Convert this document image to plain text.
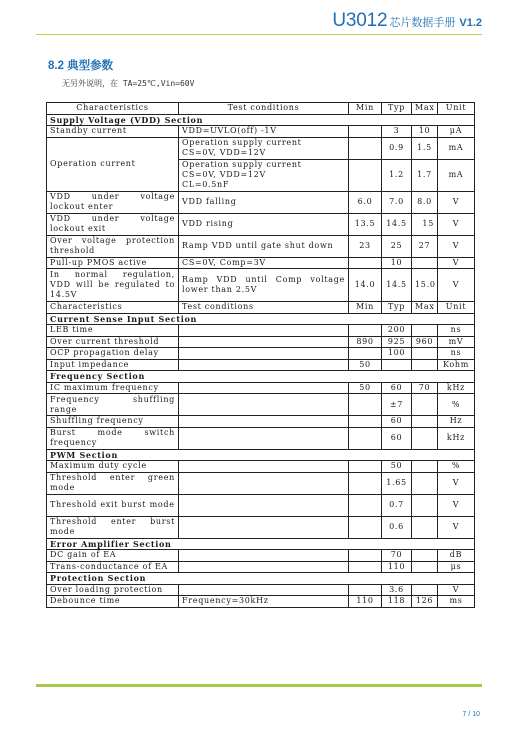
U3012 芯片数据手册 V1.2
8.2 典型参数
无另外说明，在 TA=25℃,Vin=60V
Characteristics	Test conditions	Min	Typ	Max	Unit
Supply Voltage (VDD) Section					
Standby current	VDD=UVLO(off) -1V		3	10	μA
Operation current	Operation supply current
CS=0V, VDD=12V		0.9	1.5	mA
	Operation supply current
CS=0V, VDD=12V
CL=0.5nF		1.2	1.7	mA
VDD under voltage lockout enter	VDD falling	6.0	7.0	8.0	V
VDD under voltage lockout exit	VDD rising	13.5	14.5	15	V
Over voltage protection threshold	Ramp VDD until gate shut down	23	25	27	V
Pull-up PMOS active	CS=0V, Comp=3V		10		V
In normal regulation, VDD will be regulated to 14.5V	Ramp VDD until Comp voltage lower than 2.5V	14.0	14.5	15.0	V
Characteristics	Test conditions	Min	Typ	Max	Unit
Current Sense Input Section					
LEB time			200		ns
Over current threshold		890	925	960	mV
OCP propagation delay			100		ns
Input impedance		50			Kohm
Frequency Section					
IC maximum frequency		50	60	70	kHz
Frequency shuffling range			±7		%
Shuffling frequency			60		Hz
Burst mode switch frequency			60		kHz
PWM Section					
Maximum duty cycle			50		%
Threshold enter green mode			1.65		V
Threshold exit burst mode			0.7		V
Threshold enter burst mode			0.6		V
Error Amplifier Section					
DC gain of EA			70		dB
Trans-conductance of EA			110		μs
Protection Section					
Over loading protection			3.6		V
Debounce time	Frequency=30kHz	110	118	126	ms
7 / 10
